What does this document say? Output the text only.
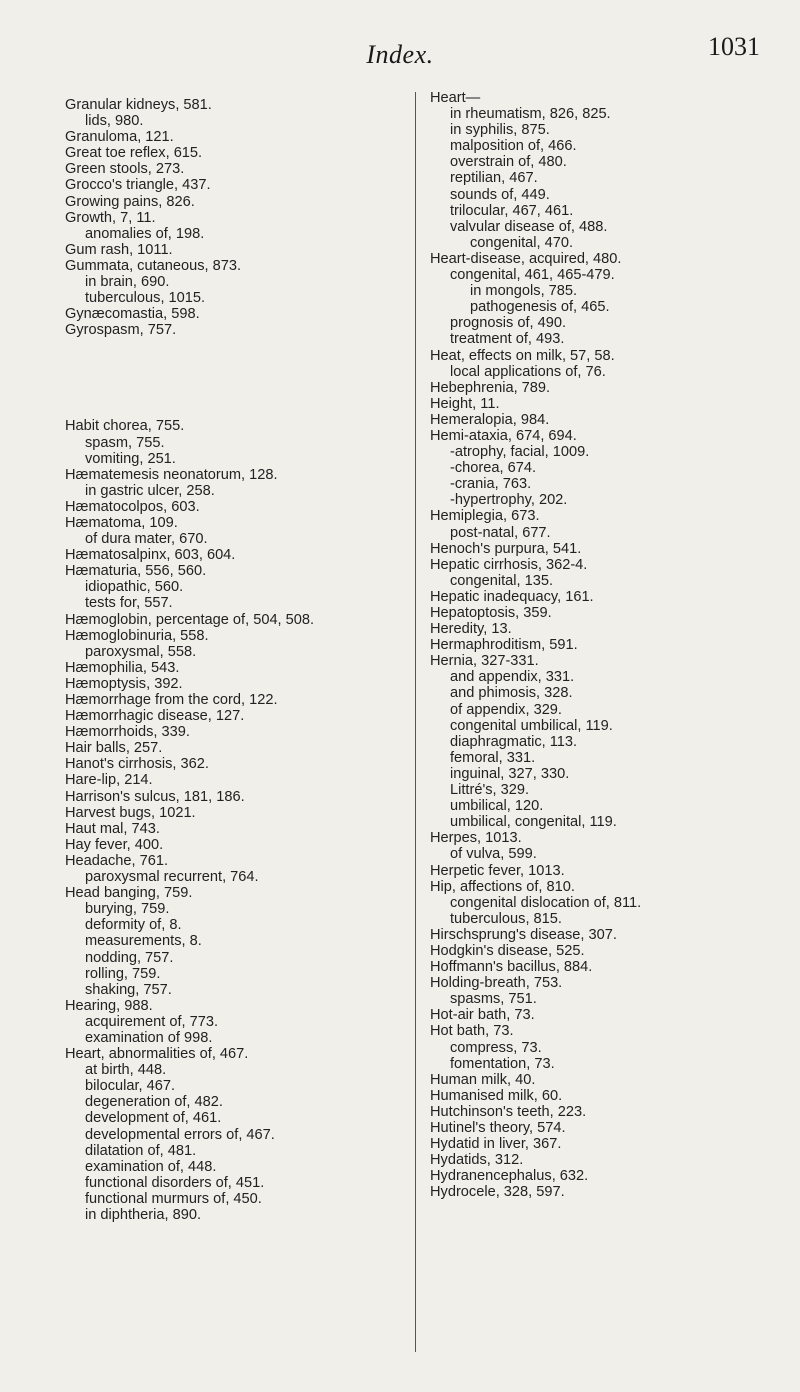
Index.	1031
Granular kidneys, 581.
lids, 980.
Granuloma, 121.
Great toe reflex, 615.
Green stools, 273.
Grocco's triangle, 437.
Growing pains, 826.
Growth, 7, 11.
anomalies of, 198.
Gum rash, 1011.
Gummata, cutaneous, 873.
in brain, 690.
tuberculous, 1015.
Gynæcomastia, 598.
Gyrospasm, 757.
Habit chorea, 755.
spasm, 755.
vomiting, 251.
Hæmatemesis neonatorum, 128.
in gastric ulcer, 258.
Hæmatocolpos, 603.
Hæmatoma, 109.
of dura mater, 670.
Hæmatosalpinx, 603, 604.
Hæmaturia, 556, 560.
idiopathic, 560.
tests for, 557.
Hæmoglobin, percentage of, 504, 508.
Hæmoglobinuria, 558.
paroxysmal, 558.
Hæmophilia, 543.
Hæmoptysis, 392.
Hæmorrhage from the cord, 122.
Hæmorrhagic disease, 127.
Hæmorrhoids, 339.
Hair balls, 257.
Hanot's cirrhosis, 362.
Hare-lip, 214.
Harrison's sulcus, 181, 186.
Harvest bugs, 1021.
Haut mal, 743.
Hay fever, 400.
Headache, 761.
paroxysmal recurrent, 764.
Head banging, 759.
burying, 759.
deformity of, 8.
measurements, 8.
nodding, 757.
rolling, 759.
shaking, 757.
Hearing, 988.
acquirement of, 773.
examination of 998.
Heart, abnormalities of, 467.
at birth, 448.
bilocular, 467.
degeneration of, 482.
development of, 461.
developmental errors of, 467.
dilatation of, 481.
examination of, 448.
functional disorders of, 451.
functional murmurs of, 450.
in diphtheria, 890.
Heart—
in rheumatism, 826, 825.
in syphilis, 875.
malposition of, 466.
overstrain of, 480.
reptilian, 467.
sounds of, 449.
trilocular, 467, 461.
valvular disease of, 488.
congenital, 470.
Heart-disease, acquired, 480.
congenital, 461, 465-479.
in mongols, 785.
pathogenesis of, 465.
prognosis of, 490.
treatment of, 493.
Heat, effects on milk, 57, 58.
local applications of, 76.
Hebephrenia, 789.
Height, 11.
Hemeralopia, 984.
Hemi-ataxia, 674, 694.
-atrophy, facial, 1009.
-chorea, 674.
-crania, 763.
-hypertrophy, 202.
Hemiplegia, 673.
post-natal, 677.
Henoch's purpura, 541.
Hepatic cirrhosis, 362-4.
congenital, 135.
Hepatic inadequacy, 161.
Hepatoptosis, 359.
Heredity, 13.
Hermaphroditism, 591.
Hernia, 327-331.
and appendix, 331.
and phimosis, 328.
of appendix, 329.
congenital umbilical, 119.
diaphragmatic, 113.
femoral, 331.
inguinal, 327, 330.
Littré's, 329.
umbilical, 120.
umbilical, congenital, 119.
Herpes, 1013.
of vulva, 599.
Herpetic fever, 1013.
Hip, affections of, 810.
congenital dislocation of, 811.
tuberculous, 815.
Hirschsprung's disease, 307.
Hodgkin's disease, 525.
Hoffmann's bacillus, 884.
Holding-breath, 753.
spasms, 751.
Hot-air bath, 73.
Hot bath, 73.
compress, 73.
fomentation, 73.
Human milk, 40.
Humanised milk, 60.
Hutchinson's teeth, 223.
Hutinel's theory, 574.
Hydatid in liver, 367.
Hydatids, 312.
Hydranencephalus, 632.
Hydrocele, 328, 597.
